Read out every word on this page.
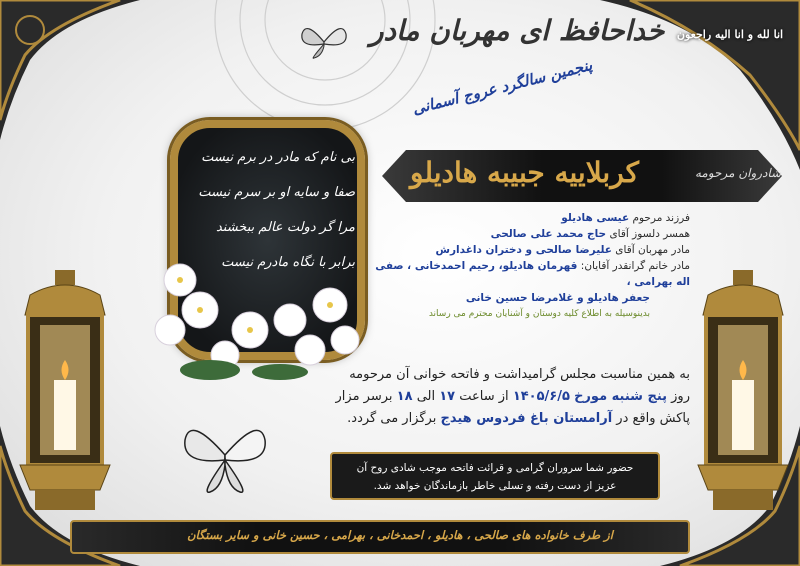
انا لله و انا الیه راجعون
خداحافظ ای مهربان مادر
پنجمین سالگرد عروج آسمانی
شادروان مرحومه
کربلاییه جبیبه هادیلو
بی نام که مادر در برم نیست
صفا و سایه او بر سرم نیست
مرا گر دولت عالم ببخشند
برابر با نگاه مادرم نیست
فرزند مرحوم عیسی هادیلو
همسر دلسوز آقای حاج محمد علی صالحی
مادر مهربان آقای علیرضا صالحی و دختران داغدارش
مادر خانم گرانقدر آقایان: قهرمان هادیلو، رحیم احمدخانی ، صفی اله بهرامی ،
جعفر هادیلو و غلامرضا حسین خانی
بدینوسیله به اطلاع کلیه دوستان و آشنایان محترم می رساند
به همین مناسبت مجلس گرامیداشت و فاتحه خوانی آن مرحومه
روز پنج شنبه مورخ ۱۴۰۵/۶/۵ از ساعت ۱۷ الی ۱۸ برسر مزار
پاکش واقع در آرامستان باغ فردوس هیدج برگزار می گردد.
حضور شما سروران گرامی و قرائت فاتحه موجب شادی روح آن
عزیز از دست رفته و تسلی خاطر بازماندگان خواهد شد.
از طرف خانواده های صالحی ، هادیلو ، احمدخانی ، بهرامی ، حسین خانی و سایر بستگان
